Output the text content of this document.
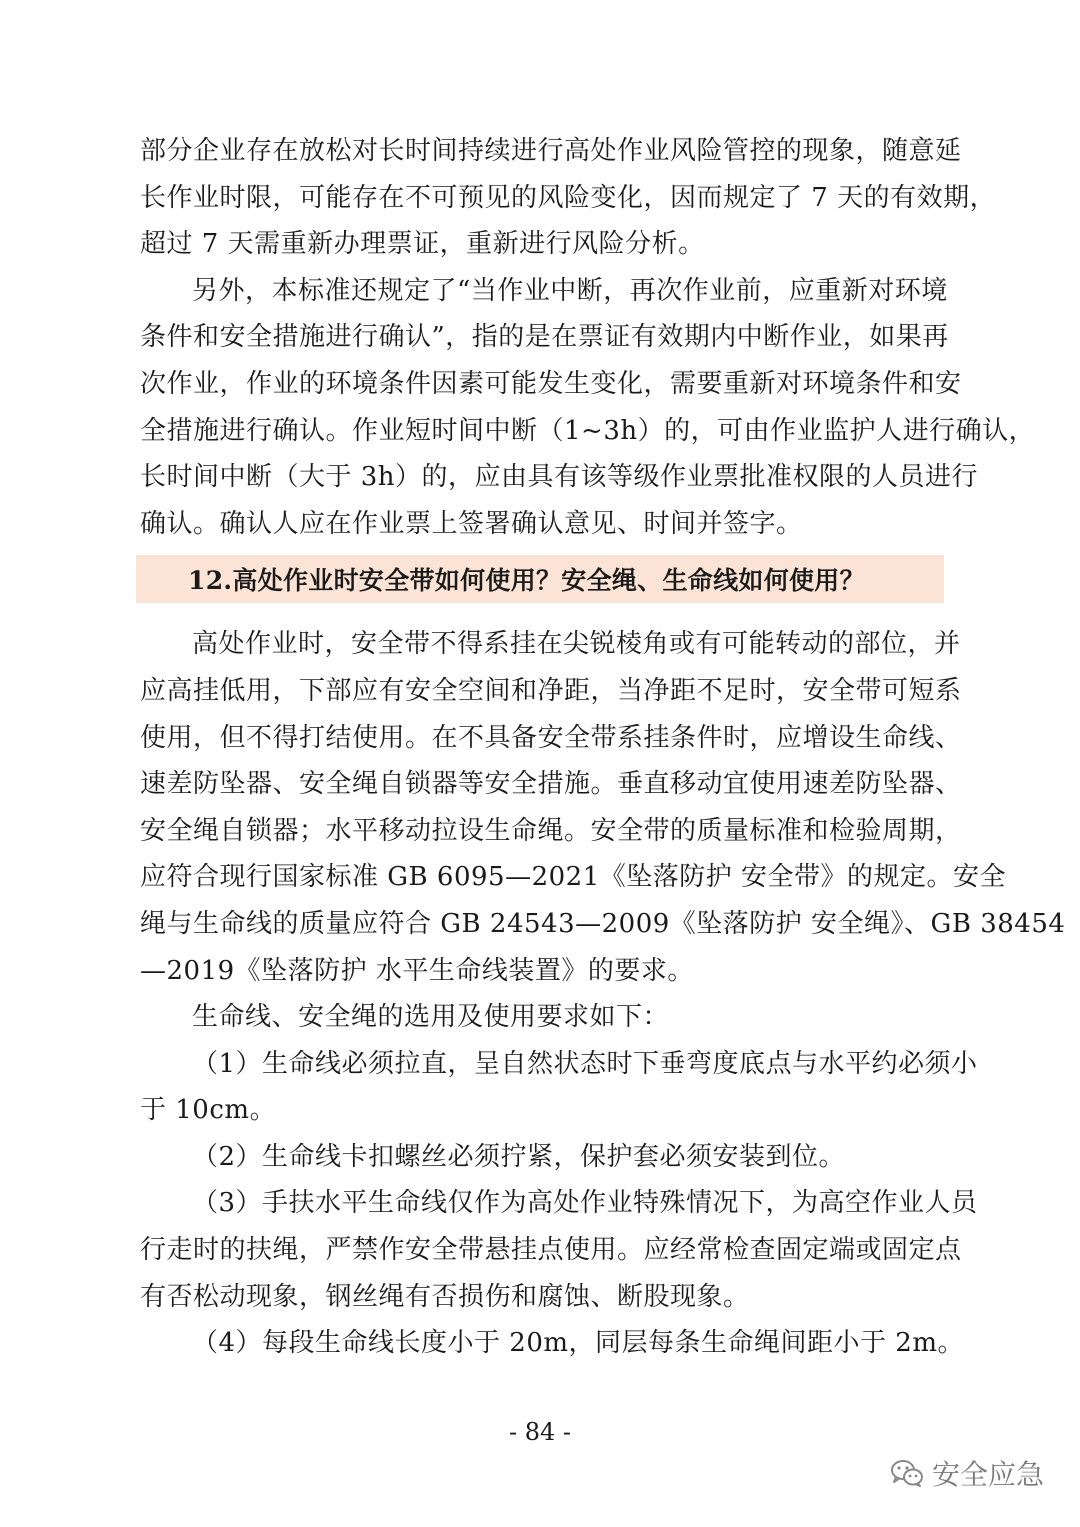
部分企业存在放松对长时间持续进行高处作业风险管控的现象，随意延
长作业时限，可能存在不可预见的风险变化，因而规定了 7 天的有效期，
超过 7 天需重新办理票证，重新进行风险分析。

另外，本标准还规定了“当作业中断，再次作业前，应重新对环境
条件和安全措施进行确认”，指的是在票证有效期内中断作业，如果再
次作业，作业的环境条件因素可能发生变化，需要重新对环境条件和安
全措施进行确认。作业短时间中断（1~3h）的，可由作业监护人进行确认，
长时间中断（大于 3h）的，应由具有该等级作业票批准权限的人员进行
确认。确认人应在作业票上签署确认意见、时间并签字。

12.高处作业时安全带如何使用？安全绳、生命线如何使用？

高处作业时，安全带不得系挂在尖锐棱角或有可能转动的部位，并
应高挂低用，下部应有安全空间和净距，当净距不足时，安全带可短系
使用，但不得打结使用。在不具备安全带系挂条件时，应增设生命线、
速差防坠器、安全绳自锁器等安全措施。垂直移动宜使用速差防坠器、
安全绳自锁器；水平移动拉设生命绳。安全带的质量标准和检验周期，
应符合现行国家标准 GB 6095—2021《坠落防护 安全带》的规定。安全
绳与生命线的质量应符合 GB 24543—2009《坠落防护 安全绳》、GB 38454
—2019《坠落防护 水平生命线装置》的要求。

生命线、安全绳的选用及使用要求如下：

（1）生命线必须拉直，呈自然状态时下垂弯度底点与水平约必须小
于 10cm。

（2）生命线卡扣螺丝必须拧紧，保护套必须安装到位。

（3）手扶水平生命线仅作为高处作业特殊情况下，为高空作业人员
行走时的扶绳，严禁作安全带悬挂点使用。应经常检查固定端或固定点
有否松动现象，钢丝绳有否损伤和腐蚀、断股现象。

（4）每段生命线长度小于 20m，同层每条生命绳间距小于 2m。

- 84 -
安全应急
